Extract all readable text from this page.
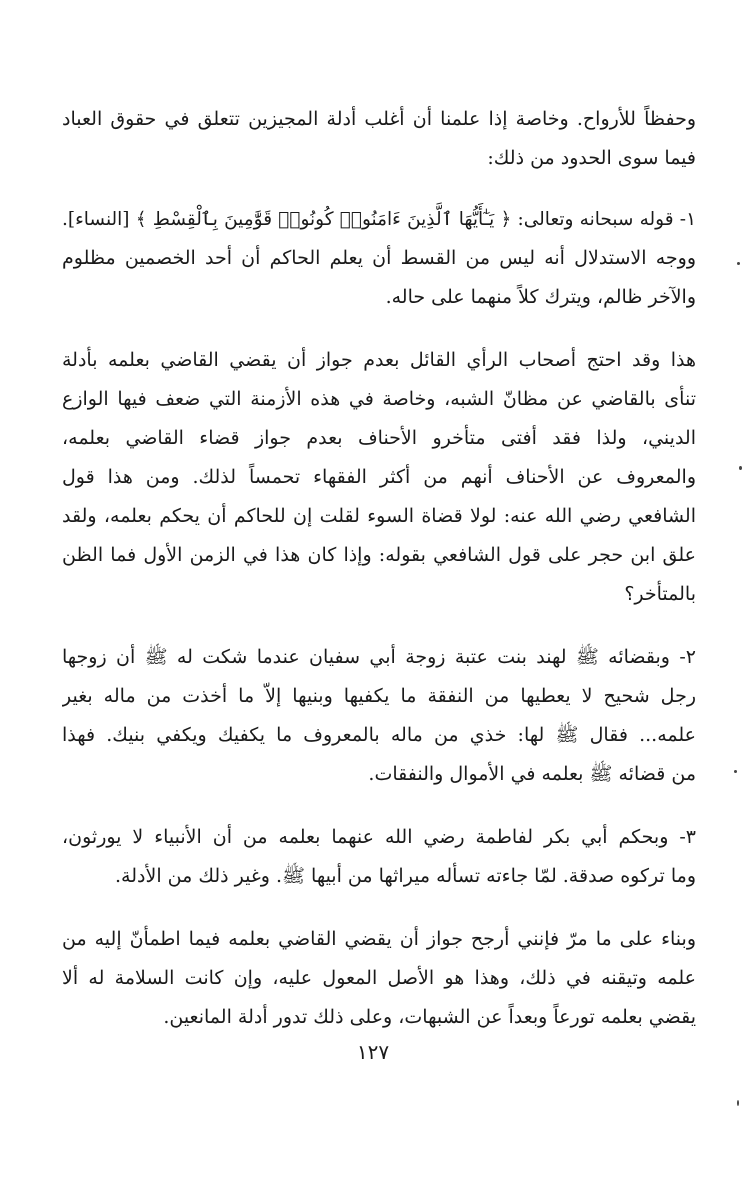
وحفظاً للأرواح. وخاصة إذا علمنا أن أغلب أدلة المجيزين تتعلق في حقوق العباد
فيما سوى الحدود من ذلك:
١- قوله سبحانه وتعالى: ﴿ يَـٰٓأَيُّهَا ٱلَّذِينَ ءَامَنُوا۟ كُونُوا۟ قَوَّٰمِينَ بِٱلْقِسْطِ ﴾ [النساء].
ووجه الاستدلال أنه ليس من القسط أن يعلم الحاكم أن أحد الخصمين مظلوم
والآخر ظالم، ويترك كلاً منهما على حاله.
هذا وقد احتج أصحاب الرأي القائل بعدم جواز أن يقضي القاضي بعلمه بأدلة
تنأى بالقاضي عن مظانّ الشبه، وخاصة في هذه الأزمنة التي ضعف فيها الوازع
الديني، ولذا فقد أفتى متأخرو الأحناف بعدم جواز قضاء القاضي بعلمه،
والمعروف عن الأحناف أنهم من أكثر الفقهاء تحمساً لذلك. ومن هذا قول
الشافعي رضي الله عنه: لولا قضاة السوء لقلت إن للحاكم أن يحكم بعلمه، ولقد
علق ابن حجر على قول الشافعي بقوله: وإذا كان هذا في الزمن الأول فما الظن
بالمتأخر؟
٢- وبقضائه ﷺ لهند بنت عتبة زوجة أبي سفيان عندما شكت له ﷺ أن زوجها
رجل شحيح لا يعطيها من النفقة ما يكفيها وبنيها إلاّ ما أخذت من ماله بغير
علمه... فقال ﷺ لها: خذي من ماله بالمعروف ما يكفيك ويكفي بنيك. فهذا
من قضائه ﷺ بعلمه في الأموال والنفقات.
٣- وبحكم أبي بكر لفاطمة رضي الله عنهما بعلمه من أن الأنبياء لا يورثون،
وما تركوه صدقة. لمّا جاءته تسأله ميراثها من أبيها ﷺ. وغير ذلك من الأدلة.
وبناء على ما مرّ فإنني أرجح جواز أن يقضي القاضي بعلمه فيما اطمأنّ إليه من
علمه وتيقنه في ذلك، وهذا هو الأصل المعول عليه، وإن كانت السلامة له ألا
يقضي بعلمه تورعاً وبعداً عن الشبهات، وعلى ذلك تدور أدلة المانعين.
١٢٧
